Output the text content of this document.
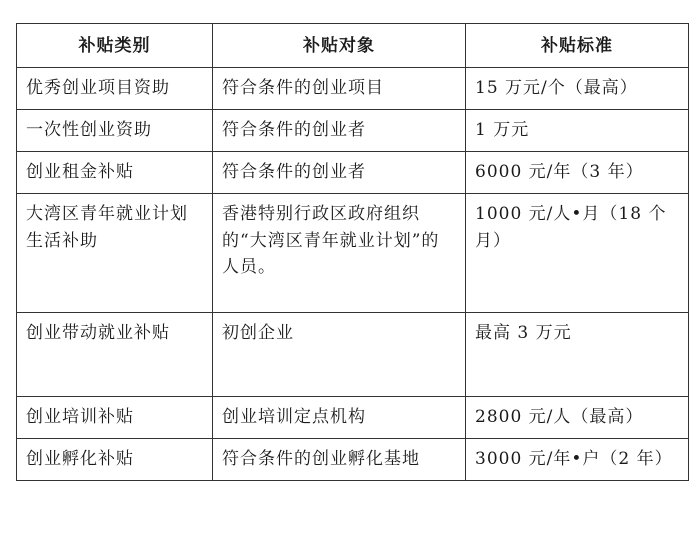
补贴类别	补贴对象	补贴标准
优秀创业项目资助	符合条件的创业项目	15 万元/个（最高）
一次性创业资助	符合条件的创业者	1 万元
创业租金补贴	符合条件的创业者	6000 元/年（3 年）
大湾区青年就业计划生活补助	香港特别行政区政府组织的“大湾区青年就业计划”的人员。	1000 元/人•月（18 个月）
创业带动就业补贴	初创企业	最高 3 万元
创业培训补贴	创业培训定点机构	2800 元/人（最高）
创业孵化补贴	符合条件的创业孵化基地	3000 元/年•户（2 年）
